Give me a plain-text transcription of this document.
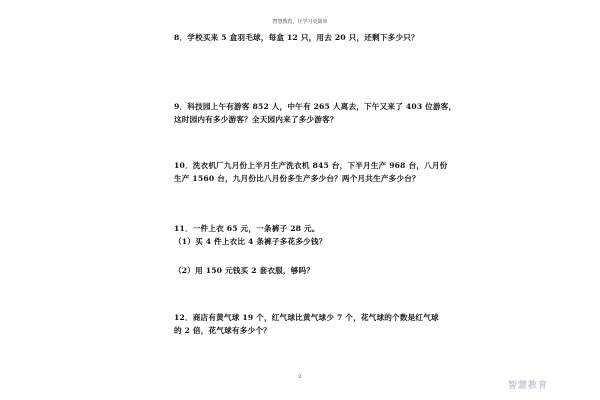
智慧教育，让学习更简单
8．学校买来 5 盒羽毛球，每盒 12 只，用去 20 只，还剩下多少只？
9．科技园上午有游客 852 人，中午有 265 人离去，下午又来了 403 位游客，
这时园内有多少游客？全天园内来了多少游客？
10．洗衣机厂九月份上半月生产洗衣机 845 台，下半月生产 968 台，八月份
生产 1560 台，九月份比八月份多生产多少台？两个月共生产多少台？
11．一件上衣 65 元，一条裤子 28 元。
（1）买 4 件上衣比 4 条裤子多花多少钱？
（2）用 150 元钱买 2 套衣服，够吗？
12．商店有黄气球 19 个，红气球比黄气球少 7 个，花气球的个数是红气球
的 2 倍，花气球有多少个？
3
智慧教育
